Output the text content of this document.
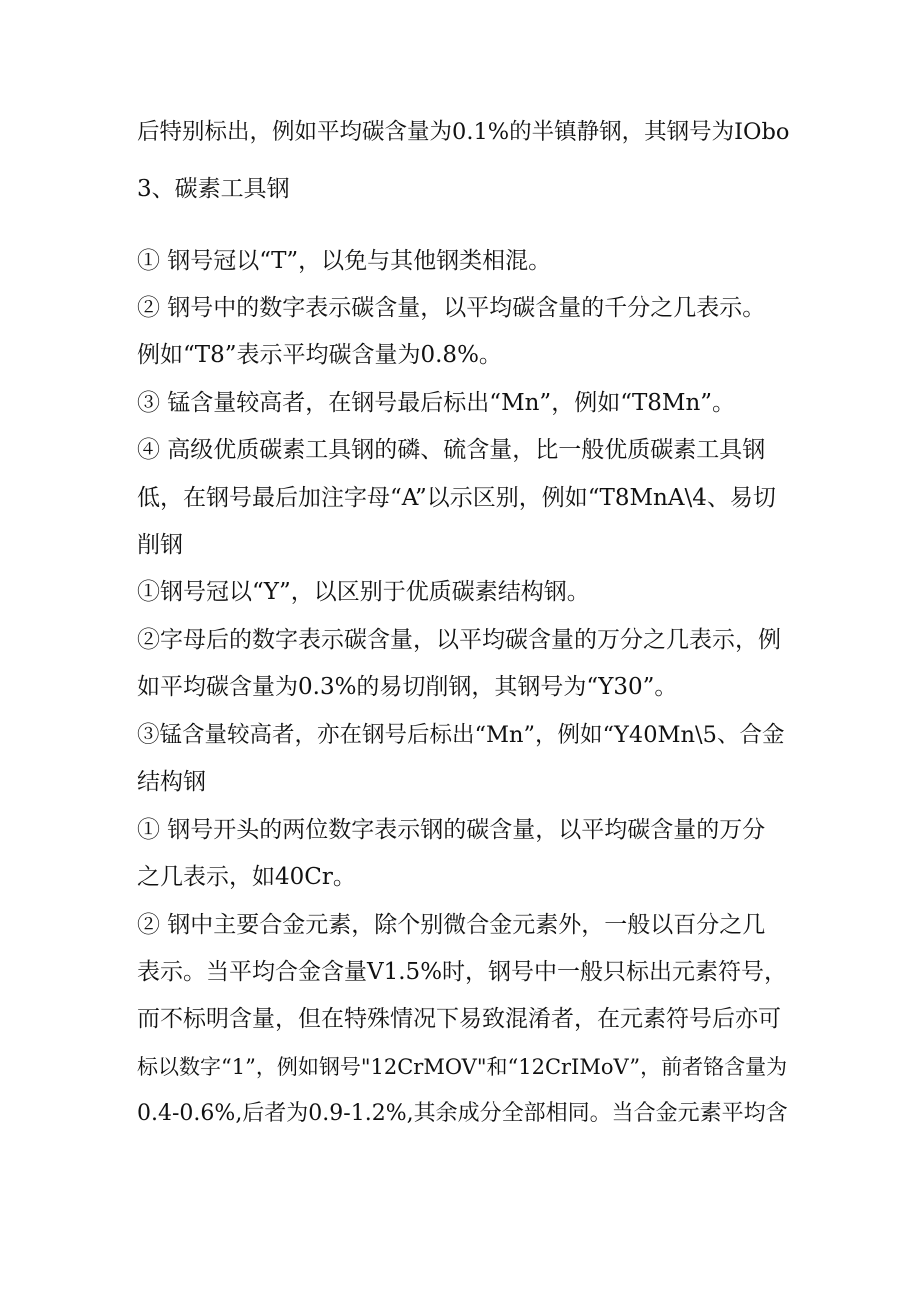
后特别标出，例如平均碳含量为0.1%的半镇静钢，其钢号为IObo
3、碳素工具钢
① 钢号冠以“T”，以免与其他钢类相混。
② 钢号中的数字表示碳含量，以平均碳含量的千分之几表示。
例如“T8”表示平均碳含量为0.8%。
③ 锰含量较高者，在钢号最后标出“Mn”，例如“T8Mn”。
④ 高级优质碳素工具钢的磷、硫含量，比一般优质碳素工具钢
低，在钢号最后加注字母“A”以示区别，例如“T8MnA\4、易切
削钢
①钢号冠以“Y”，以区别于优质碳素结构钢。
②字母后的数字表示碳含量，以平均碳含量的万分之几表示，例
如平均碳含量为0.3%的易切削钢，其钢号为“Y30”。
③锰含量较高者，亦在钢号后标出“Mn”，例如“Y40Mn\5、合金
结构钢
① 钢号开头的两位数字表示钢的碳含量，以平均碳含量的万分
之几表示，如40Cr。
② 钢中主要合金元素，除个别微合金元素外，一般以百分之几
表示。当平均合金含量V1.5%时，钢号中一般只标出元素符号，
而不标明含量，但在特殊情况下易致混淆者，在元素符号后亦可
标以数字“1”，例如钢号"12CrMOV"和“12CrIMoV”，前者铬含量为
0.4-0.6%,后者为0.9-1.2%,其余成分全部相同。当合金元素平均含
